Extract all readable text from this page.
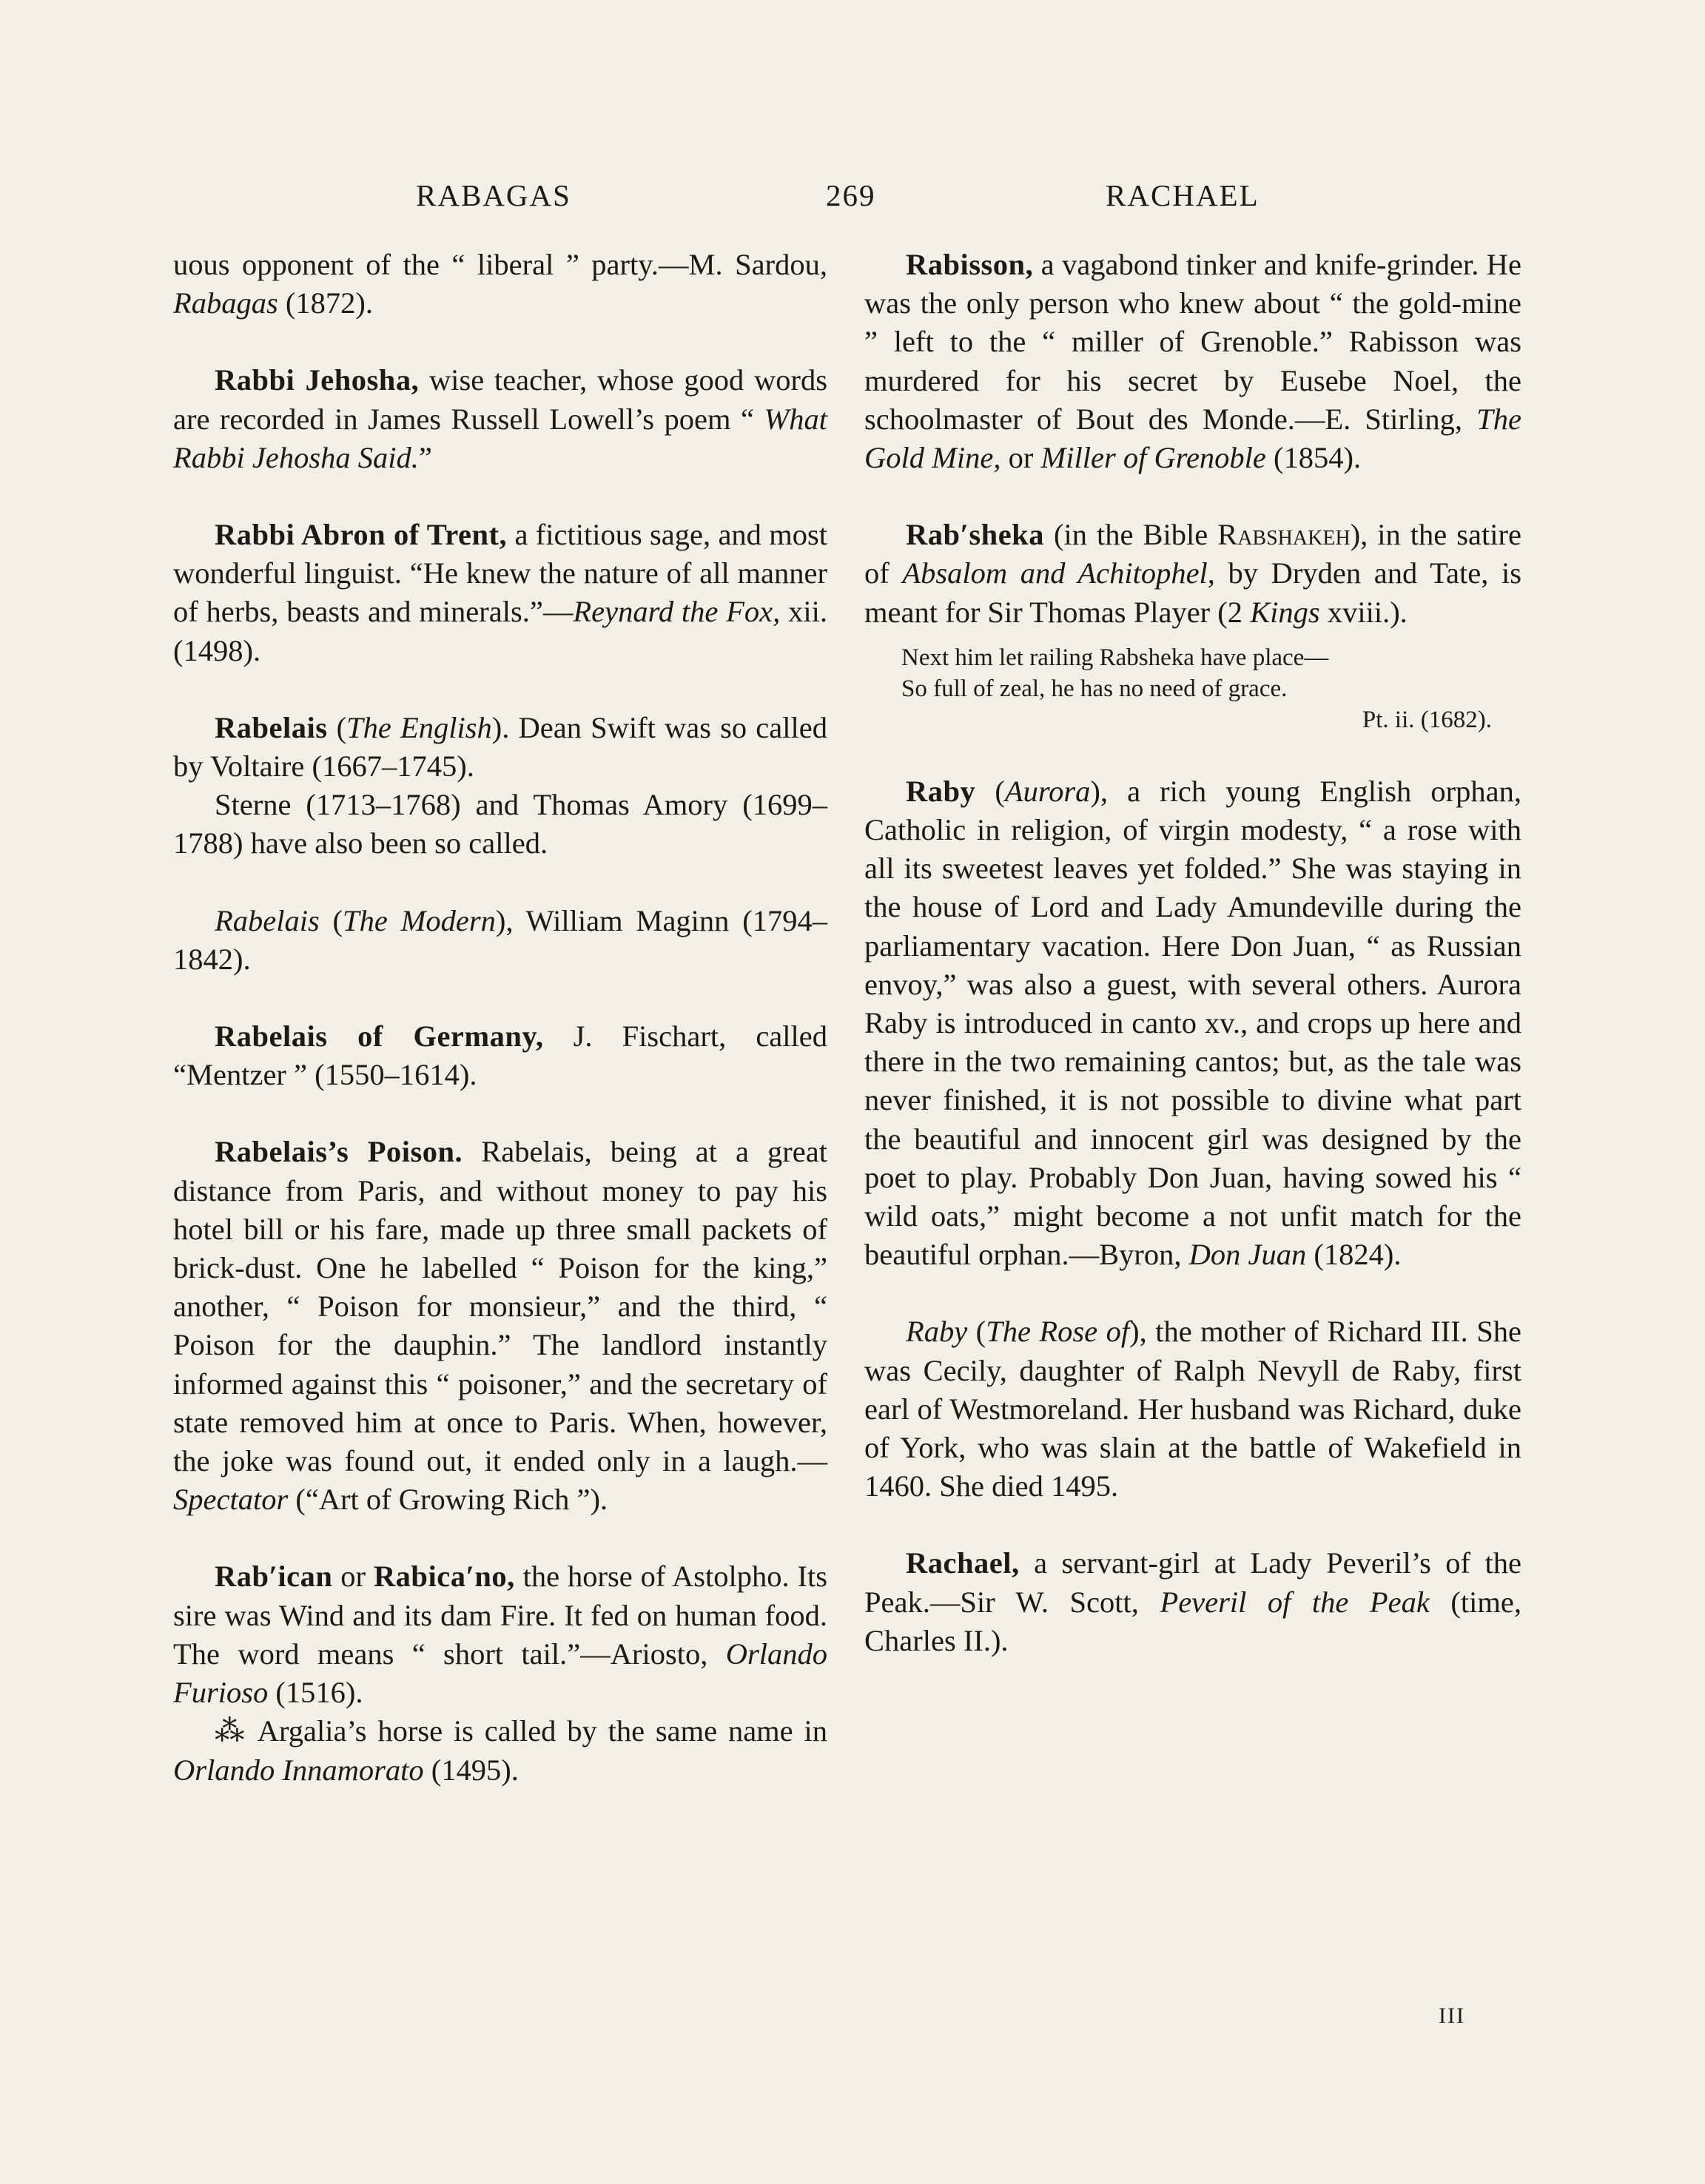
RABAGAS	269	RACHAEL

uous opponent of the “ liberal ” party.—M. Sardou, Rabagas (1872).

Rabbi Jehosha, wise teacher, whose good words are recorded in James Russell Lowell’s poem “ What Rabbi Jehosha Said.”

Rabbi Abron of Trent, a fictitious sage, and most wonderful linguist. “He knew the nature of all manner of herbs, beasts and minerals.”—Reynard the Fox, xii. (1498).

Rabelais (The English). Dean Swift was so called by Voltaire (1667–1745).

Sterne (1713–1768) and Thomas Amory (1699–1788) have also been so called.

Rabelais (The Modern), William Maginn (1794–1842).

Rabelais of Germany, J. Fischart, called “Mentzer ” (1550–1614).

Rabelais’s Poison. Rabelais, being at a great distance from Paris, and without money to pay his hotel bill or his fare, made up three small packets of brick-dust. One he labelled “ Poison for the king,” another, “ Poison for monsieur,” and the third, “ Poison for the dauphin.” The landlord instantly informed against this “ poisoner,” and the secretary of state removed him at once to Paris. When, however, the joke was found out, it ended only in a laugh.—Spectator (“Art of Growing Rich ”).

Rab′ican or Rabica′no, the horse of Astolpho. Its sire was Wind and its dam Fire. It fed on human food. The word means “ short tail.”—Ariosto, Orlando Furioso (1516).

⁂ Argalia’s horse is called by the same name in Orlando Innamorato (1495).

Rabisson, a vagabond tinker and knife-grinder. He was the only person who knew about “ the gold-mine ” left to the “ miller of Grenoble.” Rabisson was murdered for his secret by Eusebe Noel, the schoolmaster of Bout des Monde.—E. Stirling, The Gold Mine, or Miller of Grenoble (1854).

Rab′sheka (in the Bible Rabshakeh), in the satire of Absalom and Achitophel, by Dryden and Tate, is meant for Sir Thomas Player (2 Kings xviii.).

Next him let railing Rabsheka have place—
So full of zeal, he has no need of grace.
Pt. ii. (1682).

Raby (Aurora), a rich young English orphan, Catholic in religion, of virgin modesty, “ a rose with all its sweetest leaves yet folded.” She was staying in the house of Lord and Lady Amundeville during the parliamentary vacation. Here Don Juan, “ as Russian envoy,” was also a guest, with several others. Aurora Raby is introduced in canto xv., and crops up here and there in the two remaining cantos; but, as the tale was never finished, it is not possible to divine what part the beautiful and innocent girl was designed by the poet to play. Probably Don Juan, having sowed his “ wild oats,” might become a not unfit match for the beautiful orphan.—Byron, Don Juan (1824).

Raby (The Rose of), the mother of Richard III. She was Cecily, daughter of Ralph Nevyll de Raby, first earl of Westmoreland. Her husband was Richard, duke of York, who was slain at the battle of Wakefield in 1460. She died 1495.

Rachael, a servant-girl at Lady Peveril’s of the Peak.—Sir W. Scott, Peveril of the Peak (time, Charles II.).

III
